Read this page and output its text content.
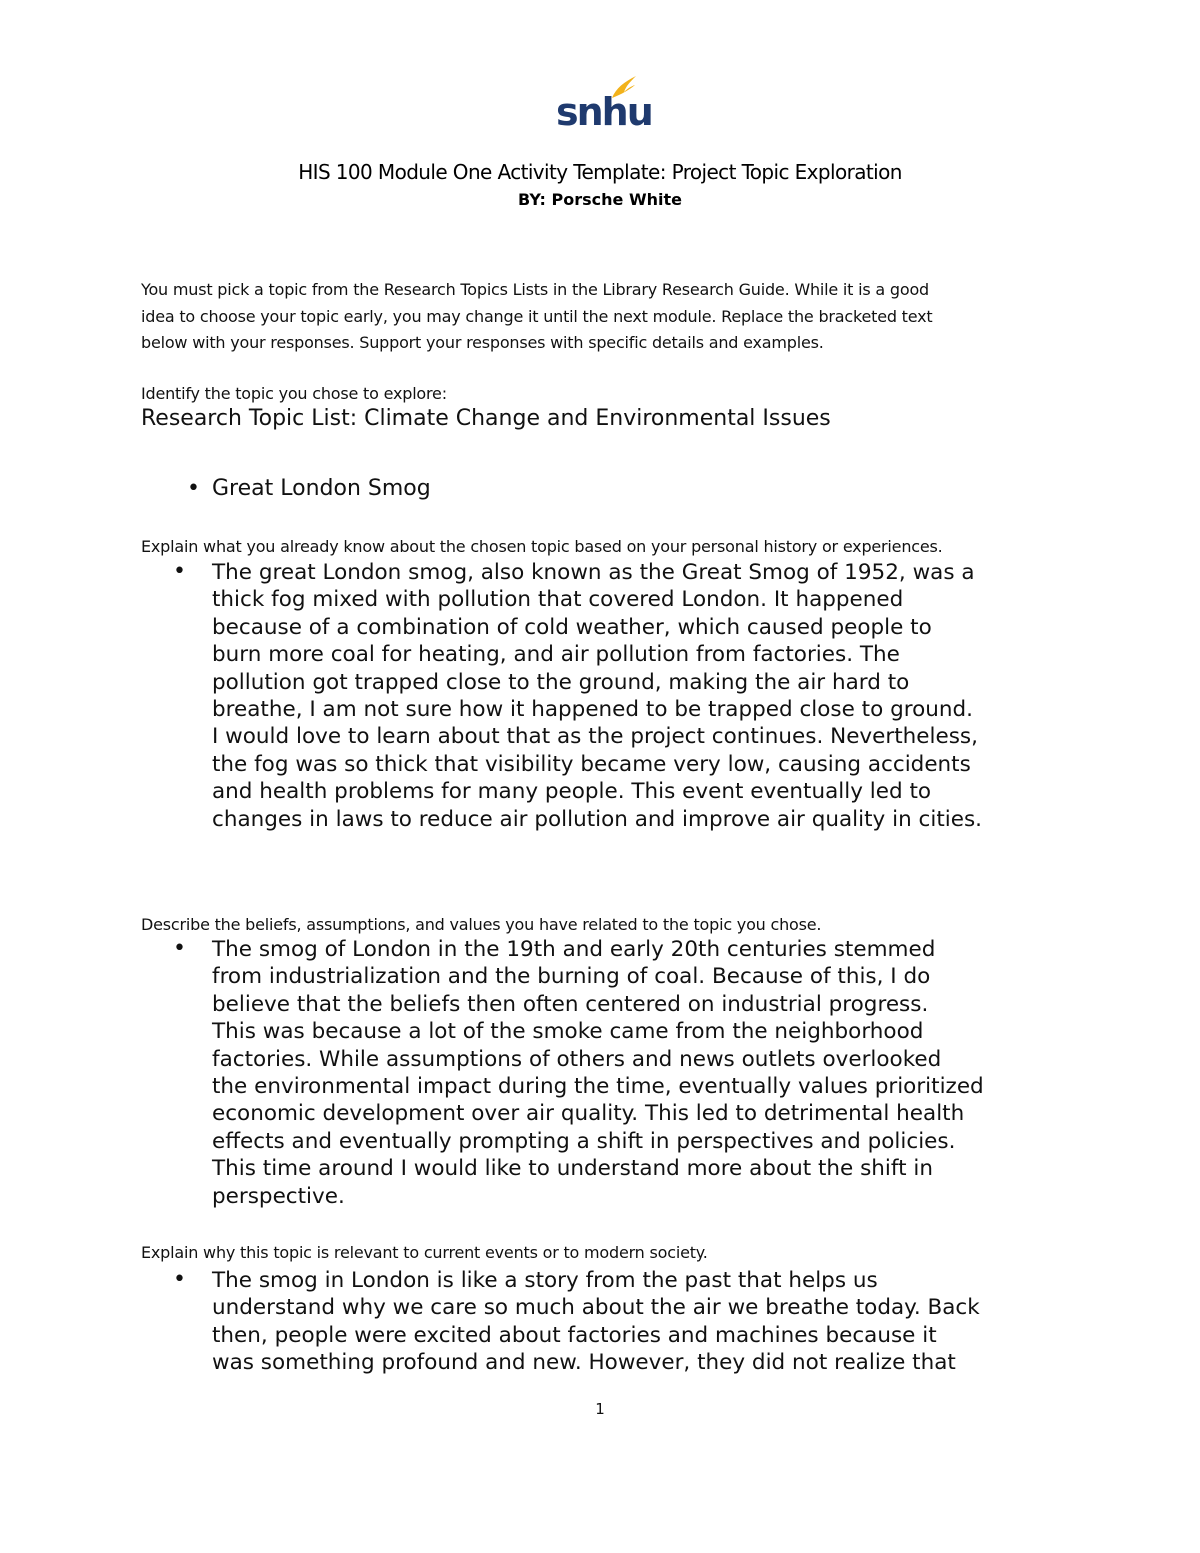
snhu
HIS 100 Module One Activity Template: Project Topic Exploration
BY: Porsche White
You must pick a topic from the Research Topics Lists in the Library Research Guide. While it is a good
idea to choose your topic early, you may change it until the next module. Replace the bracketed text
below with your responses. Support your responses with specific details and examples.
Identify the topic you chose to explore:
Research Topic List: Climate Change and Environmental Issues
• Great London Smog
Explain what you already know about the chosen topic based on your personal history or experiences.
• The great London smog, also known as the Great Smog of 1952, was a
thick fog mixed with pollution that covered London. It happened
because of a combination of cold weather, which caused people to
burn more coal for heating, and air pollution from factories. The
pollution got trapped close to the ground, making the air hard to
breathe, I am not sure how it happened to be trapped close to ground.
I would love to learn about that as the project continues. Nevertheless,
the fog was so thick that visibility became very low, causing accidents
and health problems for many people. This event eventually led to
changes in laws to reduce air pollution and improve air quality in cities.
Describe the beliefs, assumptions, and values you have related to the topic you chose.
• The smog of London in the 19th and early 20th centuries stemmed
from industrialization and the burning of coal. Because of this, I do
believe that the beliefs then often centered on industrial progress.
This was because a lot of the smoke came from the neighborhood
factories. While assumptions of others and news outlets overlooked
the environmental impact during the time, eventually values prioritized
economic development over air quality. This led to detrimental health
effects and eventually prompting a shift in perspectives and policies.
This time around I would like to understand more about the shift in
perspective.
Explain why this topic is relevant to current events or to modern society.
• The smog in London is like a story from the past that helps us
understand why we care so much about the air we breathe today. Back
then, people were excited about factories and machines because it
was something profound and new. However, they did not realize that
1
